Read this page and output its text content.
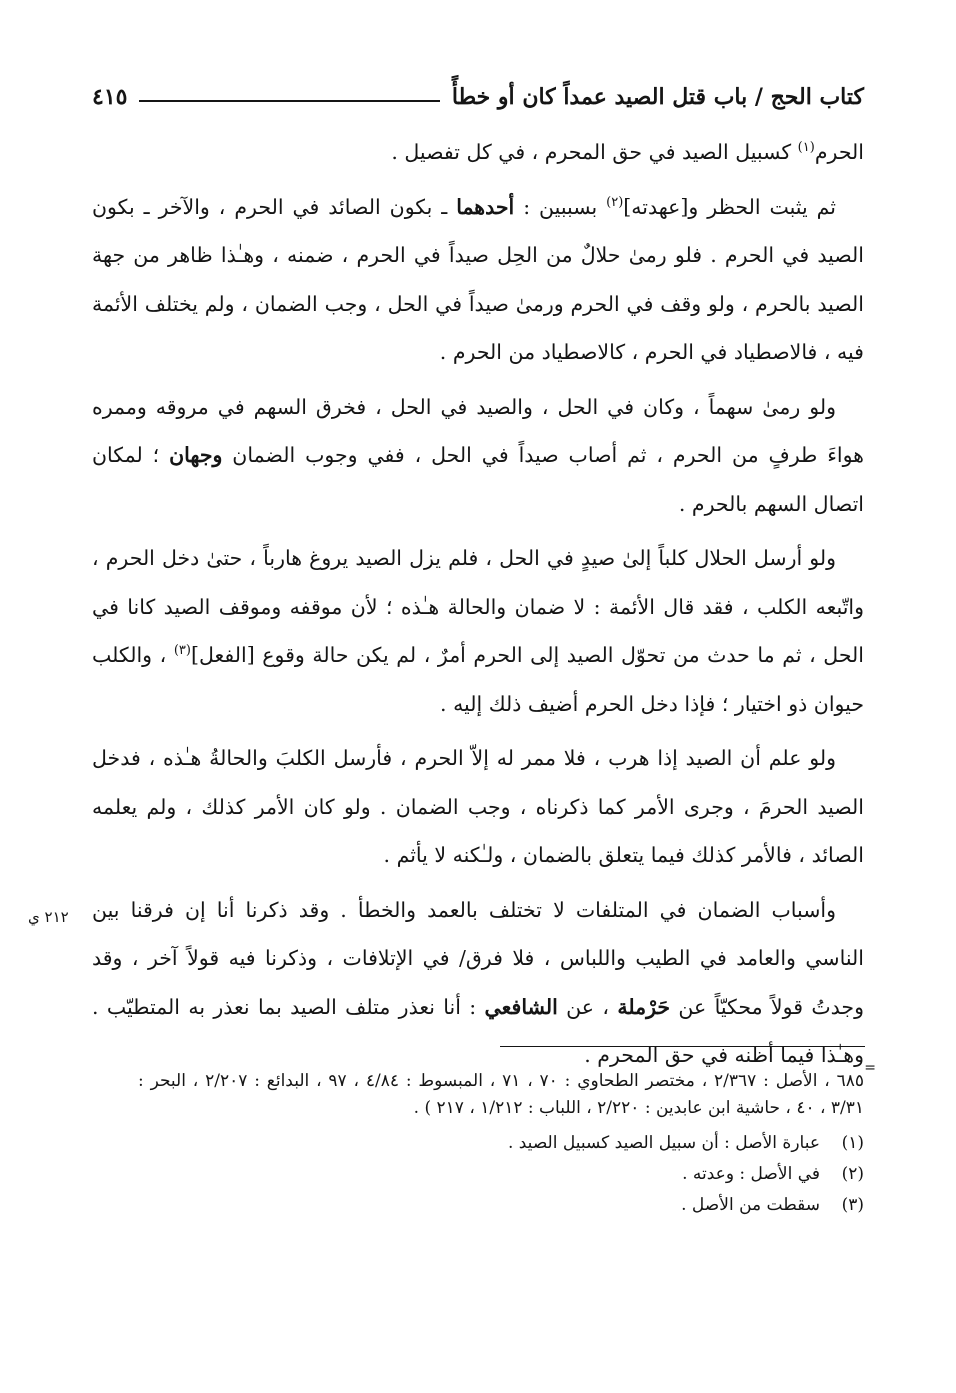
كتاب الحج / باب قتل الصيد عمداً كان أو خطأً
٤١٥

الحرم$^{(١)}$ كسبيل الصيد في حق المحرم ، في كل تفصيل .

ثم يثبت الحظر و[عهدته]$^{(٢)}$ بسببين : أحدهما ـ بكون الصائد في الحرم ، والآخر ـ بكون الصيد في الحرم . فلو رمىٰ حلالٌ من الحِل صيداً في الحرم ، ضمنه ، وهـٰذا ظاهر من جهة الصيد بالحرم ، ولو وقف في الحرم ورمىٰ صيداً في الحل ، وجب الضمان ، ولم يختلف الأئمة فيه ، فالاصطياد في الحرم ، كالاصطياد من الحرم .

ولو رمىٰ سهماً ، وكان في الحل ، والصيد في الحل ، فخرق السهم في مروقه وممره هواءَ طرفٍ من الحرم ، ثم أصاب صيداً في الحل ، ففي وجوب الضمان وجهان ؛ لمكان اتصال السهم بالحرم .

ولو أرسل الحلال كلباً إلىٰ صيدٍ في الحل ، فلم يزل الصيد يروغ هارباً ، حتىٰ دخل الحرم ، واتّبعه الكلب ، فقد قال الأئمة : لا ضمان والحالة هـٰذه ؛ لأن موقفه وموقف الصيد كانا في الحل ، ثم ما حدث من تحوّل الصيد إلى الحرم أمرٌ ، لم يكن حالة وقوع [الفعل]$^{(٣)}$ ، والكلب حيوان ذو اختيار ؛ فإذا دخل الحرم أضيف ذلك إليه .

ولو علم أن الصيد إذا هرب ، فلا ممر له إلاّ الحرم ، فأرسل الكلبَ والحالةُ هـٰذه ، فدخل الصيد الحرمَ ، وجرى الأمر كما ذكرناه ، وجب الضمان . ولو كان الأمر كذلك ، ولم يعلمه الصائد ، فالأمر كذلك فيما يتعلق بالضمان ، ولـٰكنه لا يأثم .

وأسباب الضمان في المتلفات لا تختلف بالعمد والخطأ . وقد ذكرنا أنا إن فرقنا بين الناسي والعامد في الطيب واللباس ، فلا فرق/ في الإتلافات ، وذكرنا فيه قولاً آخر ، وقد وجدتُ قولاً محكيّاً عن حَرْملة ، عن الشافعي : أنا نعذر متلف الصيد بما نعذر به المتطيّب . وهـٰذا فيما أظنه في حق المحرم .

٢١٢ ي
=
٦٨٥ ، الأصل : ٢/٣٦٧ ، مختصر الطحاوي : ٧٠ ، ٧١ ، المبسوط : ٤/٨٤ ، ٩٧ ، البدائع : ٢/٢٠٧ ، البحر : ٣/٣١ ، ٤٠ ، حاشية ابن عابدين : ٢/٢٢٠ ، اللباب : ١/٢١٢ ، ٢١٧ ) .
(١)
عبارة الأصل : أن سبيل الصيد كسبيل الصيد .
(٢)
في الأصل : وعدته .
(٣)
سقطت من الأصل .
